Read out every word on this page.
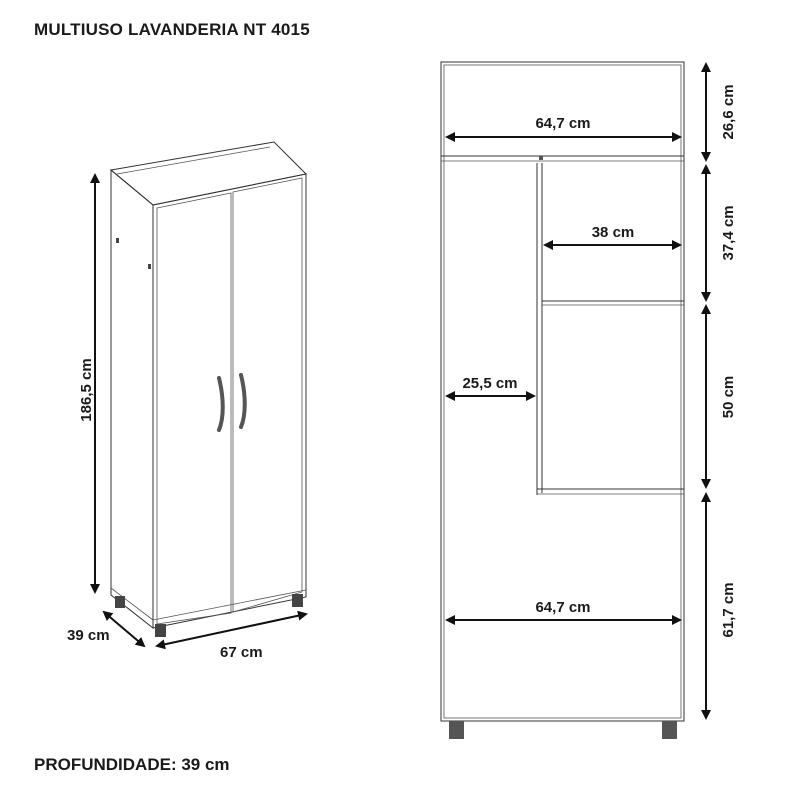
MULTIUSO LAVANDERIA NT 4015
PROFUNDIDADE: 39 cm
186,5 cm
39 cm
67 cm
64,7 cm
38 cm
25,5 cm
64,7 cm
26,6 cm
37,4 cm
50 cm
61,7 cm
